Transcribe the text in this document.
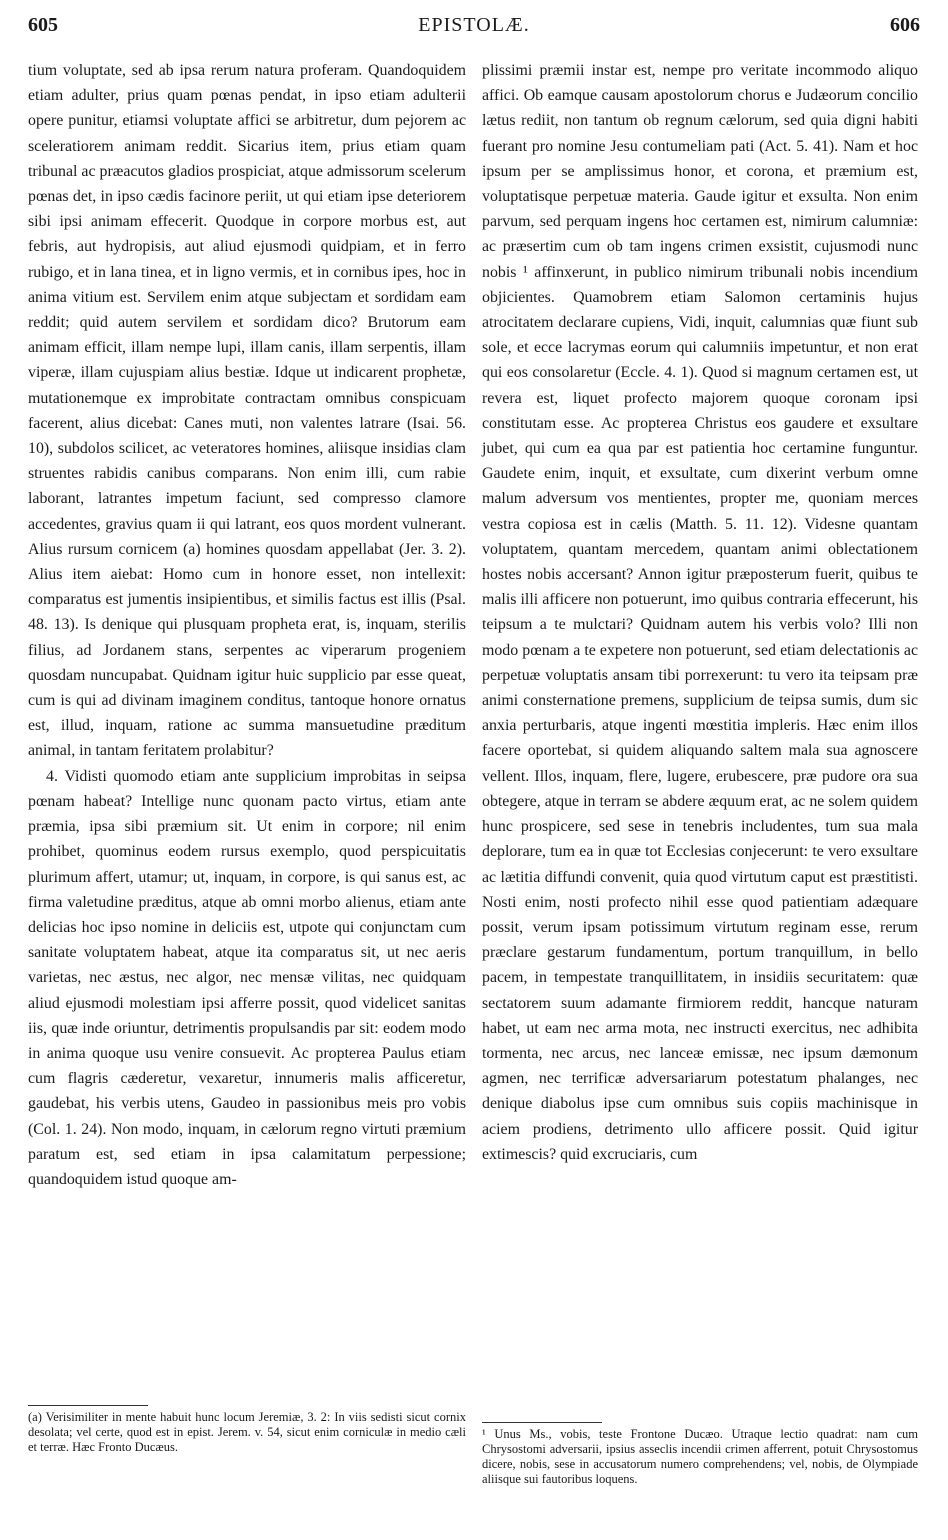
605	EPISTOLÆ.	606

tium voluptate, sed ab ipsa rerum natura proferam. Quandoquidem etiam adulter, prius quam pœnas pendat, in ipso etiam adulterii opere punitur, etiamsi voluptate affici se arbitretur, dum pejorem ac sceleratiorem animam reddit. Sicarius item, prius etiam quam tribunal ac præacutos gladios prospiciat, atque admissorum scelerum pœnas det, in ipso cædis facinore periit, ut qui etiam ipse deteriorem sibi ipsi animam effecerit. Quodque in corpore morbus est, aut febris, aut hydropisis, aut aliud ejusmodi quidpiam, et in ferro rubigo, et in lana tinea, et in ligno vermis, et in cornibus ipes, hoc in anima vitium est. Servilem enim atque subjectam et sordidam eam reddit; quid autem servilem et sordidam dico? Brutorum eam animam efficit, illam nempe lupi, illam canis, illam serpentis, illam viperæ, illam cujuspiam alius bestiæ. Idque ut indicarent prophetæ, mutationemque ex improbitate contractam omnibus conspicuam facerent, alius dicebat: Canes muti, non valentes latrare (Isai. 56. 10), subdolos scilicet, ac veteratores homines, aliisque insidias clam struentes rabidis canibus comparans. Non enim illi, cum rabie laborant, latrantes impetum faciunt, sed compresso clamore accedentes, gravius quam ii qui latrant, eos quos mordent vulnerant. Alius rursum cornicem (a) homines quosdam appellabat (Jer. 3. 2). Alius item aiebat: Homo cum in honore esset, non intellexit: comparatus est jumentis insipientibus, et similis factus est illis (Psal. 48. 13). Is denique qui plusquam propheta erat, is, inquam, sterilis filius, ad Jordanem stans, serpentes ac viperarum progeniem quosdam nuncupabat. Quidnam igitur huic supplicio par esse queat, cum is qui ad divinam imaginem conditus, tantoque honore ornatus est, illud, inquam, ratione ac summa mansuetudine præditum animal, in tantam feritatem prolabitur?

4. Vidisti quomodo etiam ante supplicium improbitas in seipsa pœnam habeat? Intellige nunc quonam pacto virtus, etiam ante præmia, ipsa sibi præmium sit. Ut enim in corpore; nil enim prohibet, quominus eodem rursus exemplo, quod perspicuitatis plurimum affert, utamur; ut, inquam, in corpore, is qui sanus est, ac firma valetudine præditus, atque ab omni morbo alienus, etiam ante delicias hoc ipso nomine in deliciis est, utpote qui conjunctam cum sanitate voluptatem habeat, atque ita comparatus sit, ut nec aeris varietas, nec æstus, nec algor, nec mensæ vilitas, nec quidquam aliud ejusmodi molestiam ipsi afferre possit, quod videlicet sanitas iis, quæ inde oriuntur, detrimentis propulsandis par sit: eodem modo in anima quoque usu venire consuevit. Ac propterea Paulus etiam cum flagris cæderetur, vexaretur, innumeris malis afficeretur, gaudebat, his verbis utens, Gaudeo in passionibus meis pro vobis (Col. 1. 24). Non modo, inquam, in cælorum regno virtuti præmium paratum est, sed etiam in ipsa calamitatum perpessione; quandoquidem istud quoque am-

plissimi præmii instar est, nempe pro veritate incommodo aliquo affici. Ob eamque causam apostolorum chorus e Judæorum concilio lætus rediit, non tantum ob regnum cælorum, sed quia digni habiti fuerant pro nomine Jesu contumeliam pati (Act. 5. 41). Nam et hoc ipsum per se amplissimus honor, et corona, et præmium est, voluptatisque perpetuæ materia. Gaude igitur et exsulta. Non enim parvum, sed perquam ingens hoc certamen est, nimirum calumniæ: ac præsertim cum ob tam ingens crimen exsistit, cujusmodi nunc nobis ¹ affinxerunt, in publico nimirum tribunali nobis incendium objicientes. Quamobrem etiam Salomon certaminis hujus atrocitatem declarare cupiens, Vidi, inquit, calumnias quæ fiunt sub sole, et ecce lacrymas eorum qui calumniis impetuntur, et non erat qui eos consolaretur (Eccle. 4. 1). Quod si magnum certamen est, ut revera est, liquet profecto majorem quoque coronam ipsi constitutam esse. Ac propterea Christus eos gaudere et exsultare jubet, qui cum ea qua par est patientia hoc certamine funguntur. Gaudete enim, inquit, et exsultate, cum dixerint verbum omne malum adversum vos mentientes, propter me, quoniam merces vestra copiosa est in cælis (Matth. 5. 11. 12). Videsne quantam voluptatem, quantam mercedem, quantam animi oblectationem hostes nobis accersant? Annon igitur præposterum fuerit, quibus te malis illi afficere non potuerunt, imo quibus contraria effecerunt, his teipsum a te mulctari? Quidnam autem his verbis volo? Illi non modo pœnam a te expetere non potuerunt, sed etiam delectationis ac perpetuæ voluptatis ansam tibi porrexerunt: tu vero ita teipsam præ animi consternatione premens, supplicium de teipsa sumis, dum sic anxia perturbaris, atque ingenti mœstitia impleris. Hæc enim illos facere oportebat, si quidem aliquando saltem mala sua agnoscere vellent. Illos, inquam, flere, lugere, erubescere, præ pudore ora sua obtegere, atque in terram se abdere æquum erat, ac ne solem quidem hunc prospicere, sed sese in tenebris includentes, tum sua mala deplorare, tum ea in quæ tot Ecclesias conjecerunt: te vero exsultare ac lætitia diffundi convenit, quia quod virtutum caput est præstitisti. Nosti enim, nosti profecto nihil esse quod patientiam adæquare possit, verum ipsam potissimum virtutum reginam esse, rerum præclare gestarum fundamentum, portum tranquillum, in bello pacem, in tempestate tranquillitatem, in insidiis securitatem: quæ sectatorem suum adamante firmiorem reddit, hancque naturam habet, ut eam nec arma mota, nec instructi exercitus, nec adhibita tormenta, nec arcus, nec lanceæ emissæ, nec ipsum dæmonum agmen, nec terrificæ adversariarum potestatum phalanges, nec denique diabolus ipse cum omnibus suis copiis machinisque in aciem prodiens, detrimento ullo afficere possit. Quid igitur extimescis? quid excruciaris, cum

(a) Verisimiliter in mente habuit hunc locum Jeremiæ, 3. 2: In viis sedisti sicut cornix desolata; vel certe, quod est in epist. Jerem. v. 54, sicut enim corniculæ in medio cæli et terræ. Hæc Fronto Ducæus.
¹ Unus Ms., vobis, teste Frontone Ducæo. Utraque lectio quadrat: nam cum Chrysostomi adversarii, ipsius asseclis incendii crimen afferrent, potuit Chrysostomus dicere, nobis, sese in accusatorum numero comprehendens; vel, nobis, de Olympiade aliisque sui fautoribus loquens.
